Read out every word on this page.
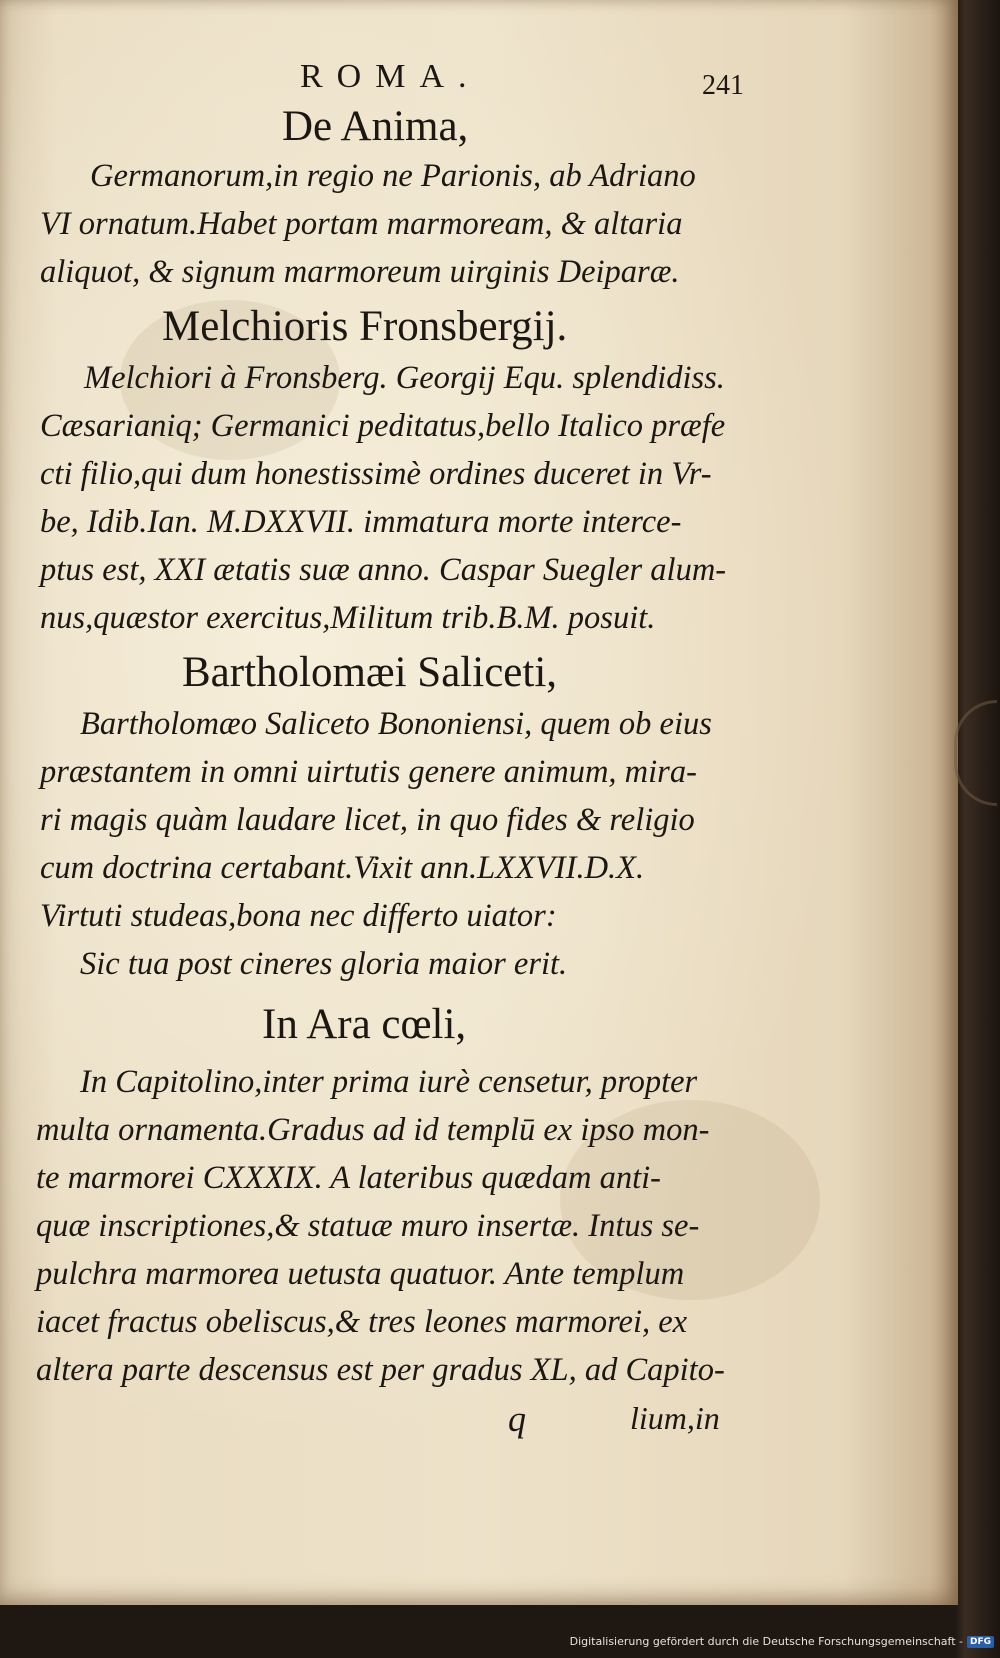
ROMA.	241
De Anima,
Germanorum,in regio ne Parionis, ab Adriano
VI ornatum.Habet portam marmoream, & altaria
aliquot, & signum marmoreum uirginis Deiparæ.
Melchioris Fronsbergij.
Melchiori à Fronsberg. Georgij Equ. splendidiss.
Cæsarianiq; Germanici peditatus,bello Italico præfe
cti filio,qui dum honestissimè ordines duceret in Vr-
be, Idib.Ian. M.DXXVII. immatura morte interce-
ptus est, XXI ætatis suæ anno. Caspar Suegler alum-
nus,quæstor exercitus,Militum trib.B.M. posuit.
Bartholomæi Saliceti,
Bartholomæo Saliceto Bononiensi, quem ob eius
præstantem in omni uirtutis genere animum, mira-
ri magis quàm laudare licet, in quo fides & religio
cum doctrina certabant.Vixit ann.LXXVII.D.X.
Virtuti studeas,bona nec differto uiator:
Sic tua post cineres gloria maior erit.
In Ara cœli,
In Capitolino,inter prima iurè censetur, propter
multa ornamenta.Gradus ad id templū ex ipso mon-
te marmorei CXXXIX. A lateribus quædam anti-
quæ inscriptiones,& statuæ muro insertæ. Intus se-
pulchra marmorea uetusta quatuor. Ante templum
iacet fractus obeliscus,& tres leones marmorei, ex
altera parte descensus est per gradus XL, ad Capito-
q	lium,in
Digitalisierung gefördert durch die Deutsche Forschungsgemeinschaft - DFG
